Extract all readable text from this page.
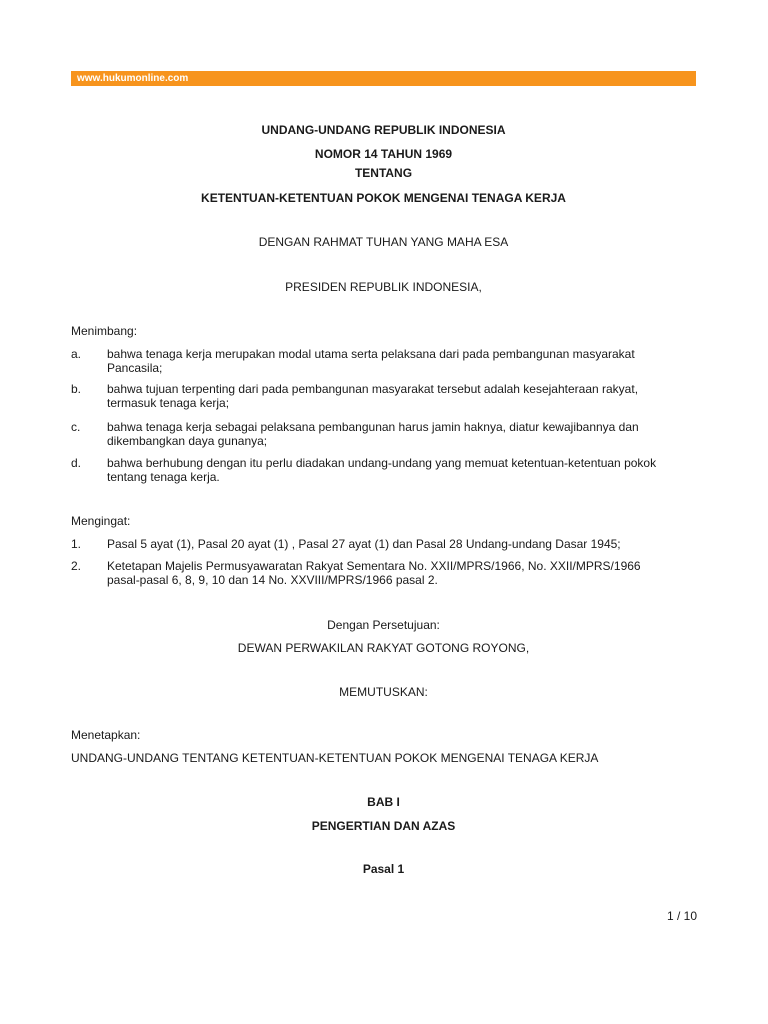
www.hukumonline.com
UNDANG-UNDANG REPUBLIK INDONESIA
NOMOR 14 TAHUN 1969
TENTANG
KETENTUAN-KETENTUAN POKOK MENGENAI TENAGA KERJA
DENGAN RAHMAT TUHAN YANG MAHA ESA
PRESIDEN REPUBLIK INDONESIA,
Menimbang:
a. bahwa tenaga kerja merupakan modal utama serta pelaksana dari pada pembangunan masyarakat
Pancasila;
b. bahwa tujuan terpenting dari pada pembangunan masyarakat tersebut adalah kesejahteraan rakyat,
termasuk tenaga kerja;
c. bahwa tenaga kerja sebagai pelaksana pembangunan harus jamin haknya, diatur kewajibannya dan
dikembangkan daya gunanya;
d. bahwa berhubung dengan itu perlu diadakan undang-undang yang memuat ketentuan-ketentuan pokok
tentang tenaga kerja.
Mengingat:
1. Pasal 5 ayat (1), Pasal 20 ayat (1) , Pasal 27 ayat (1) dan Pasal 28 Undang-undang Dasar 1945;
2. Ketetapan Majelis Permusyawaratan Rakyat Sementara No. XXII/MPRS/1966, No. XXII/MPRS/1966
pasal-pasal 6, 8, 9, 10 dan 14 No. XXVIII/MPRS/1966 pasal 2.
Dengan Persetujuan:
DEWAN PERWAKILAN RAKYAT GOTONG ROYONG,
MEMUTUSKAN:
Menetapkan:
UNDANG-UNDANG TENTANG KETENTUAN-KETENTUAN POKOK MENGENAI TENAGA KERJA
BAB I
PENGERTIAN DAN AZAS
Pasal 1
1 / 10
